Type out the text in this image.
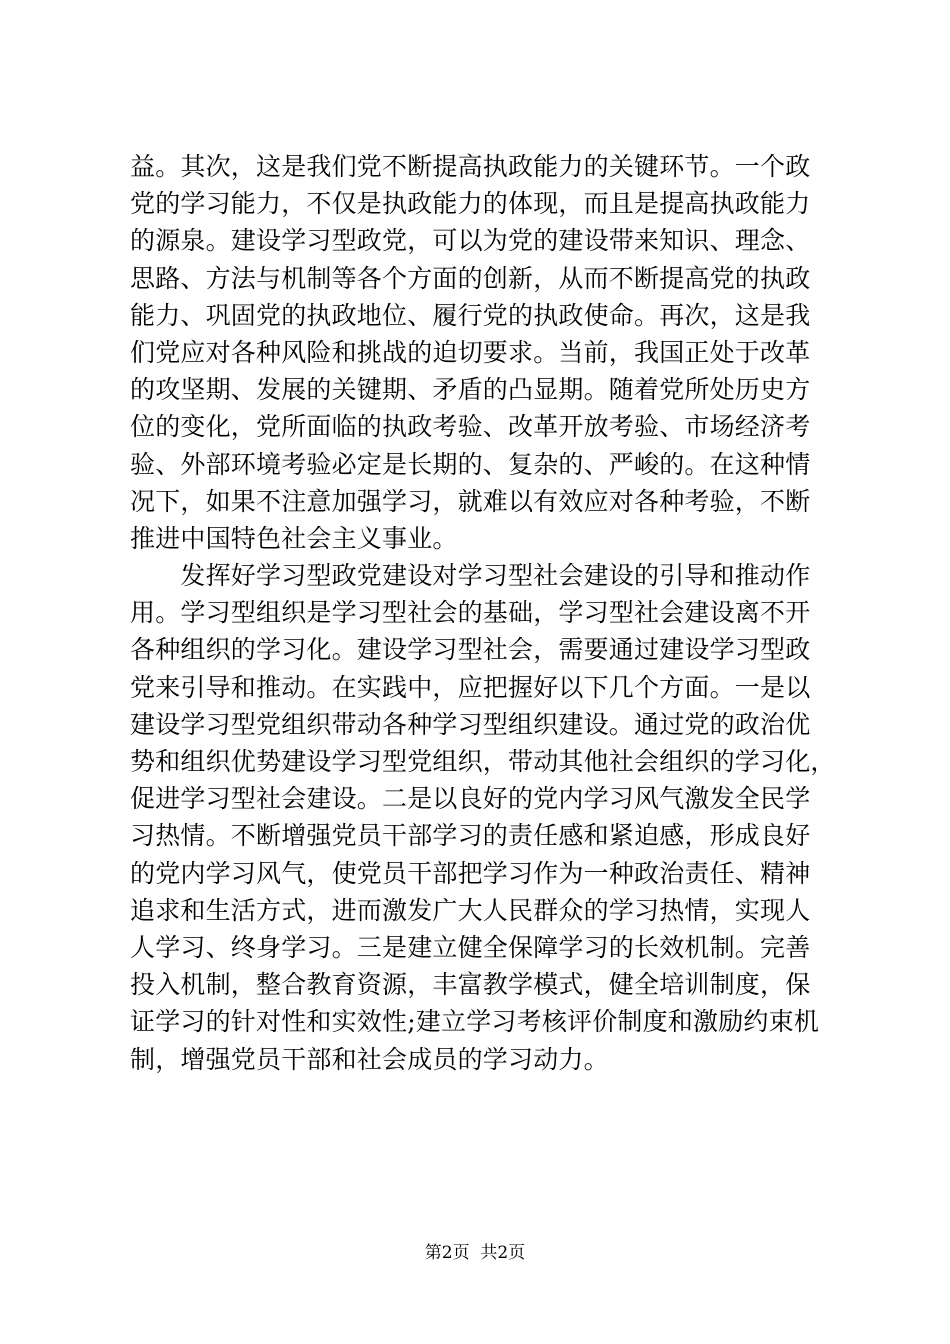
益。其次，这是我们党不断提高执政能力的关键环节。一个政
党的学习能力，不仅是执政能力的体现，而且是提高执政能力
的源泉。建设学习型政党，可以为党的建设带来知识、理念、
思路、方法与机制等各个方面的创新，从而不断提高党的执政
能力、巩固党的执政地位、履行党的执政使命。再次，这是我
们党应对各种风险和挑战的迫切要求。当前，我国正处于改革
的攻坚期、发展的关键期、矛盾的凸显期。随着党所处历史方
位的变化，党所面临的执政考验、改革开放考验、市场经济考
验、外部环境考验必定是长期的、复杂的、严峻的。在这种情
况下，如果不注意加强学习，就难以有效应对各种考验，不断
推进中国特色社会主义事业。
　　发挥好学习型政党建设对学习型社会建设的引导和推动作
用。学习型组织是学习型社会的基础，学习型社会建设离不开
各种组织的学习化。建设学习型社会，需要通过建设学习型政
党来引导和推动。在实践中，应把握好以下几个方面。一是以
建设学习型党组织带动各种学习型组织建设。通过党的政治优
势和组织优势建设学习型党组织，带动其他社会组织的学习化，
促进学习型社会建设。二是以良好的党内学习风气激发全民学
习热情。不断增强党员干部学习的责任感和紧迫感，形成良好
的党内学习风气，使党员干部把学习作为一种政治责任、精神
追求和生活方式，进而激发广大人民群众的学习热情，实现人
人学习、终身学习。三是建立健全保障学习的长效机制。完善
投入机制，整合教育资源，丰富教学模式，健全培训制度，保
证学习的针对性和实效性;建立学习考核评价制度和激励约束机
制，增强党员干部和社会成员的学习动力。
第2页  共2页
